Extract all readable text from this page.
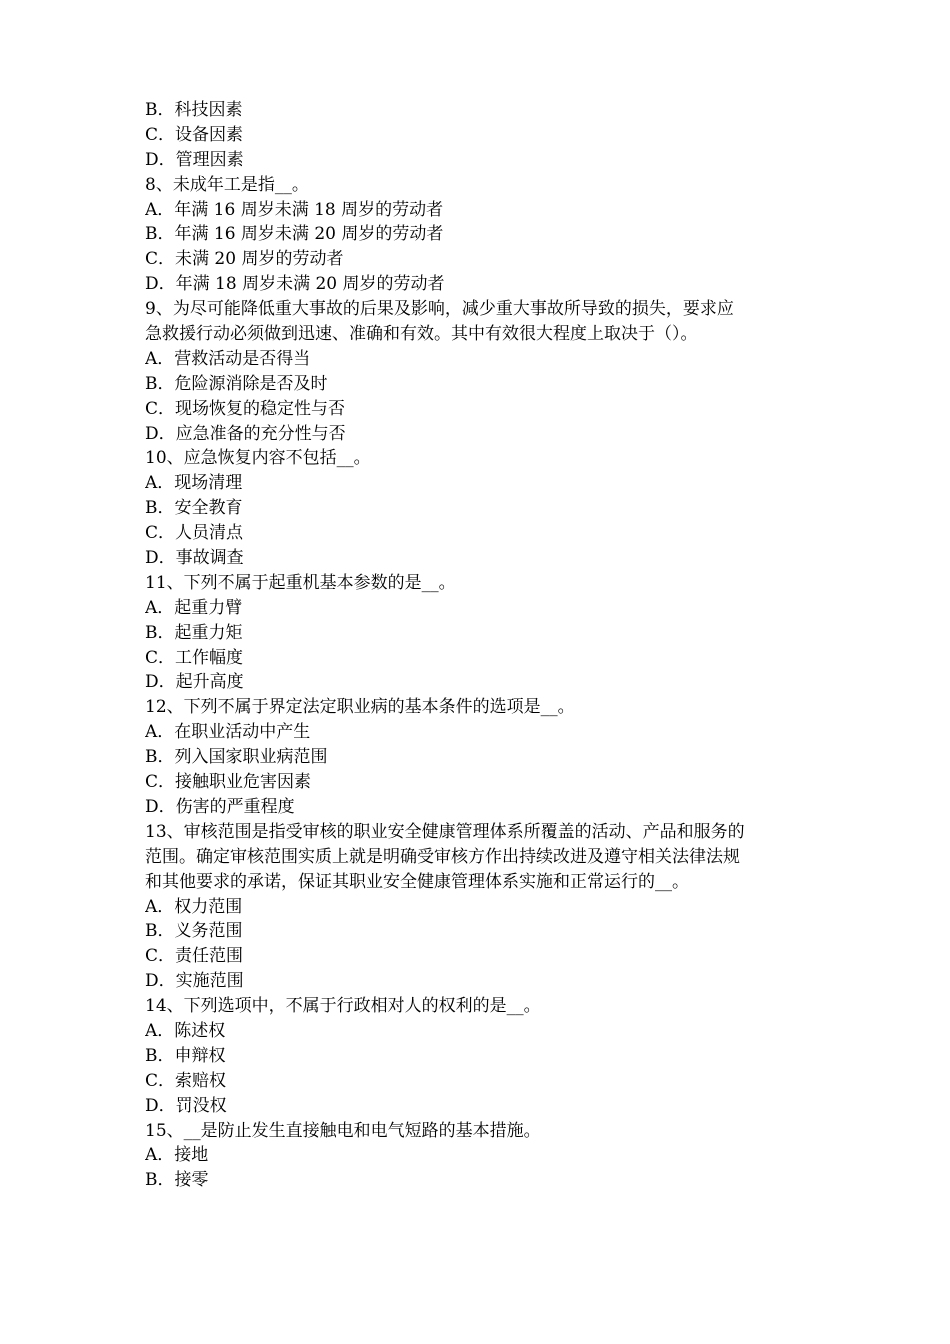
B．科技因素
C．设备因素
D．管理因素
8、未成年工是指__。
A．年满 16 周岁未满 18 周岁的劳动者
B．年满 16 周岁未满 20 周岁的劳动者
C．未满 20 周岁的劳动者
D．年满 18 周岁未满 20 周岁的劳动者
9、为尽可能降低重大事故的后果及影响，减少重大事故所导致的损失，要求应
急救援行动必须做到迅速、准确和有效。其中有效很大程度上取决于（）。
A．营救活动是否得当
B．危险源消除是否及时
C．现场恢复的稳定性与否
D．应急准备的充分性与否
10、应急恢复内容不包括__。
A．现场清理
B．安全教育
C．人员清点
D．事故调查
11、下列不属于起重机基本参数的是__。
A．起重力臂
B．起重力矩
C．工作幅度
D．起升高度
12、下列不属于界定法定职业病的基本条件的选项是__。
A．在职业活动中产生
B．列入国家职业病范围
C．接触职业危害因素
D．伤害的严重程度
13、审核范围是指受审核的职业安全健康管理体系所覆盖的活动、产品和服务的
范围。确定审核范围实质上就是明确受审核方作出持续改进及遵守相关法律法规
和其他要求的承诺，保证其职业安全健康管理体系实施和正常运行的__。
A．权力范围
B．义务范围
C．责任范围
D．实施范围
14、下列选项中，不属于行政相对人的权利的是__。
A．陈述权
B．申辩权
C．索赔权
D．罚没权
15、__是防止发生直接触电和电气短路的基本措施。
A．接地
B．接零
